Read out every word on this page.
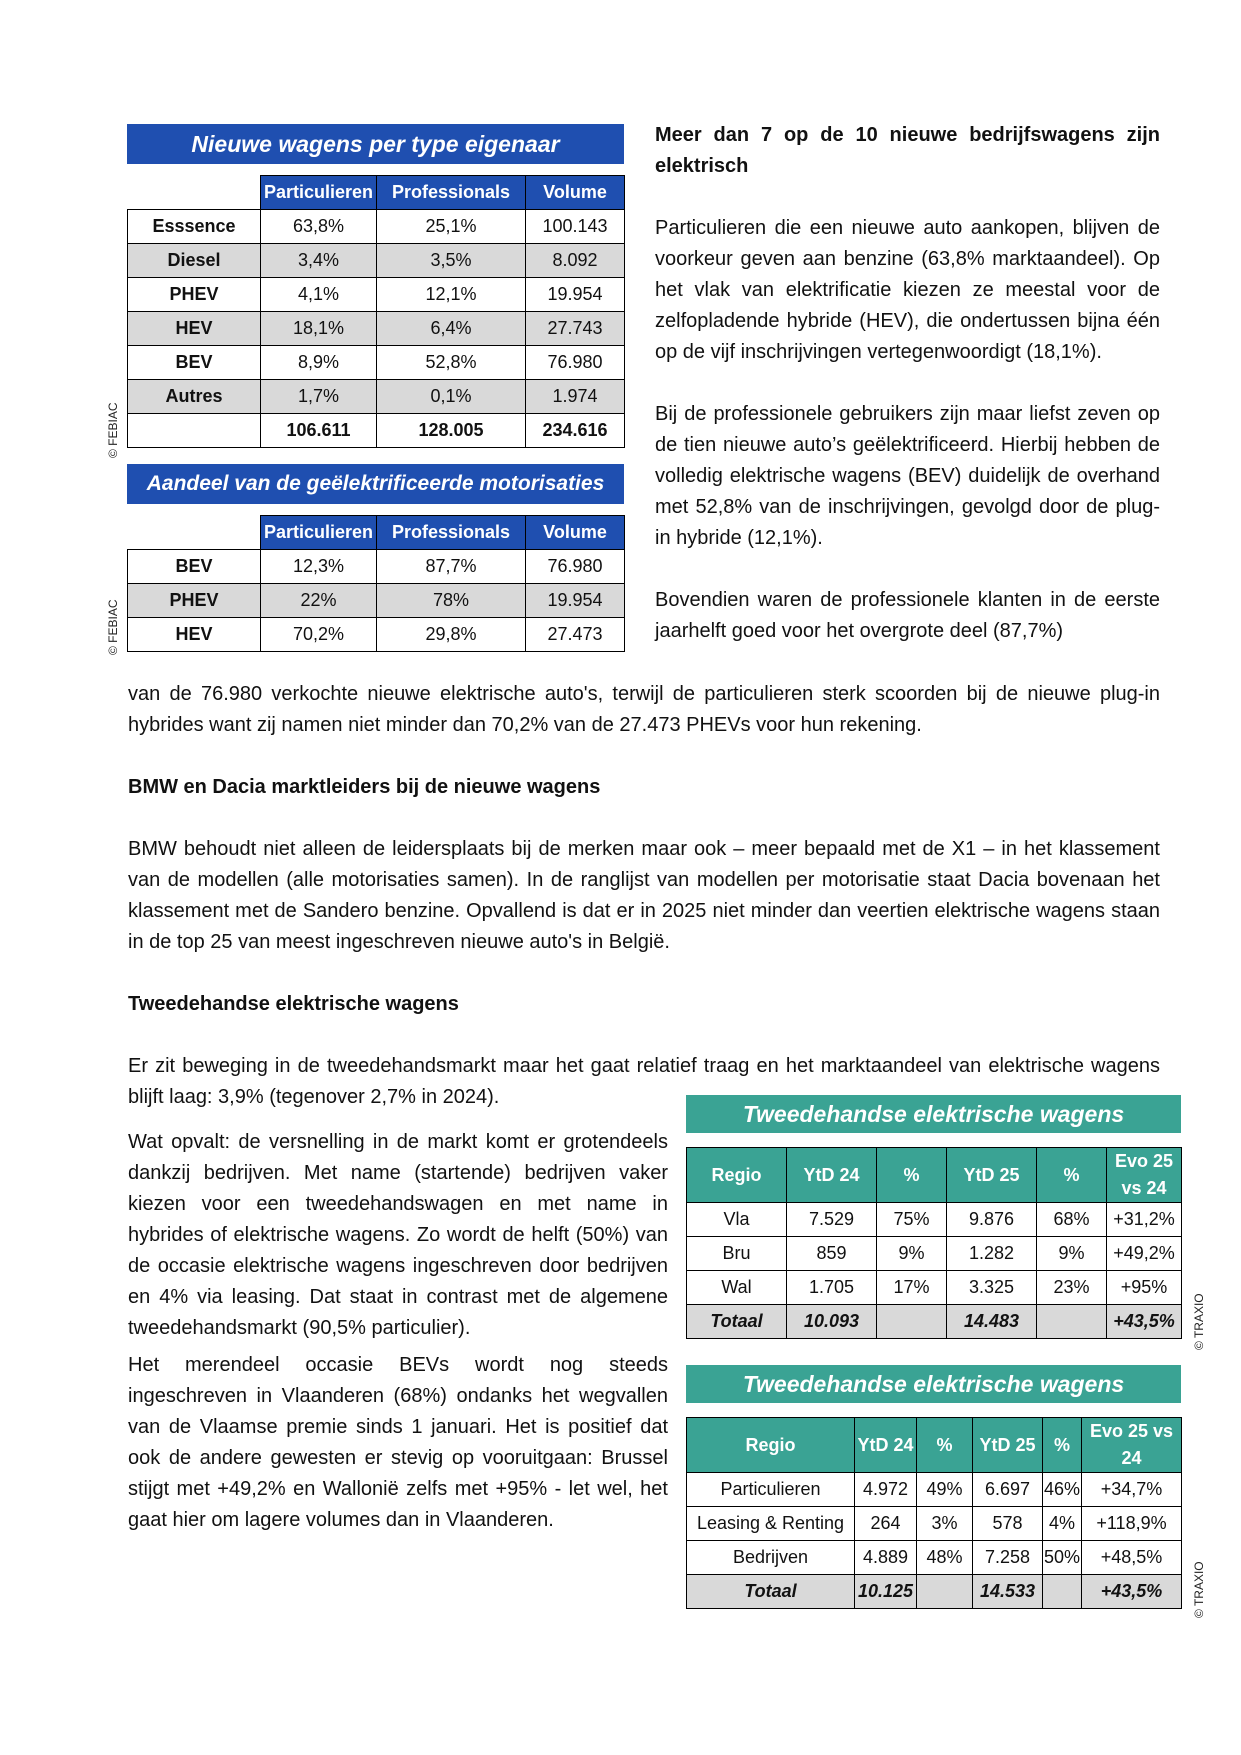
Nieuwe wagens per type eigenaar
	Particulieren	Professionals	Volume
Esssence	63,8%	25,1%	100.143
Diesel	3,4%	3,5%	8.092
PHEV	4,1%	12,1%	19.954
HEV	18,1%	6,4%	27.743
BEV	8,9%	52,8%	76.980
Autres	1,7%	0,1%	1.974
	106.611	128.005	234.616
© FEBIAC
Aandeel van de geëlektrificeerde motorisaties
	Particulieren	Professionals	Volume
BEV	12,3%	87,7%	76.980
PHEV	22%	78%	19.954
HEV	70,2%	29,8%	27.473
© FEBIAC

Meer dan 7 op de 10 nieuwe bedrijfswagens zijn elektrisch

Particulieren die een nieuwe auto aankopen, blijven de voorkeur geven aan benzine (63,8% marktaandeel). Op het vlak van elektrificatie kiezen ze meestal voor de zelfopladende hybride (HEV), die ondertussen bijna één op de vijf inschrijvingen vertegenwoordigt (18,1%).

Bij de professionele gebruikers zijn maar liefst zeven op de tien nieuwe auto’s geëlektrificeerd. Hierbij hebben de volledig elektrische wagens (BEV) duidelijk de overhand met 52,8% van de inschrijvingen, gevolgd door de plug-in hybride (12,1%).

Bovendien waren de professionele klanten in de eerste jaarhelft goed voor het overgrote deel (87,7%)

van de 76.980 verkochte nieuwe elektrische auto's, terwijl de particulieren sterk scoorden bij de nieuwe plug-in hybrides want zij namen niet minder dan 70,2% van de 27.473 PHEVs voor hun rekening.

BMW en Dacia marktleiders bij de nieuwe wagens

BMW behoudt niet alleen de leidersplaats bij de merken maar ook – meer bepaald met de X1 – in het klassement van de modellen (alle motorisaties samen). In de ranglijst van modellen per motorisatie staat Dacia bovenaan het klassement met de Sandero benzine. Opvallend is dat er in 2025 niet minder dan veertien elektrische wagens staan in de top 25 van meest ingeschreven nieuwe auto's in België.

Tweedehandse elektrische wagens

Er zit beweging in de tweedehandsmarkt maar het gaat relatief traag en het marktaandeel van elektrische wagens blijft laag: 3,9% (tegenover 2,7% in 2024).

Wat opvalt: de versnelling in de markt komt er grotendeels dankzij bedrijven. Met name (startende) bedrijven vaker kiezen voor een tweedehandswagen en met name in hybrides of elektrische wagens. Zo wordt de helft (50%) van de occasie elektrische wagens ingeschreven door bedrijven en 4% via leasing. Dat staat in contrast met de algemene tweedehandsmarkt (90,5% particulier).

Het merendeel occasie BEVs wordt nog steeds ingeschreven in Vlaanderen (68%) ondanks het wegvallen van de Vlaamse premie sinds 1 januari. Het is positief dat ook de andere gewesten er stevig op vooruitgaan: Brussel stijgt met +49,2% en Wallonië zelfs met +95% - let wel, het gaat hier om lagere volumes dan in Vlaanderen.

Tweedehandse elektrische wagens
Regio	YtD 24	%	YtD 25	%	Evo 25 vs 24
Vla	7.529	75%	9.876	68%	+31,2%
Bru	859	9%	1.282	9%	+49,2%
Wal	1.705	17%	3.325	23%	+95%
Totaal	10.093		14.483		+43,5% © TRAXIO
Tweedehandse elektrische wagens
Regio	YtD 24	%	YtD 25	%	Evo 25 vs 24
Particulieren	4.972	49%	6.697	46%	+34,7%
Leasing & Renting	264	3%	578	4%	+118,9%
Bedrijven	4.889	48%	7.258	50%	+48,5%
Totaal	10.125		14.533		+43,5% © TRAXIO
